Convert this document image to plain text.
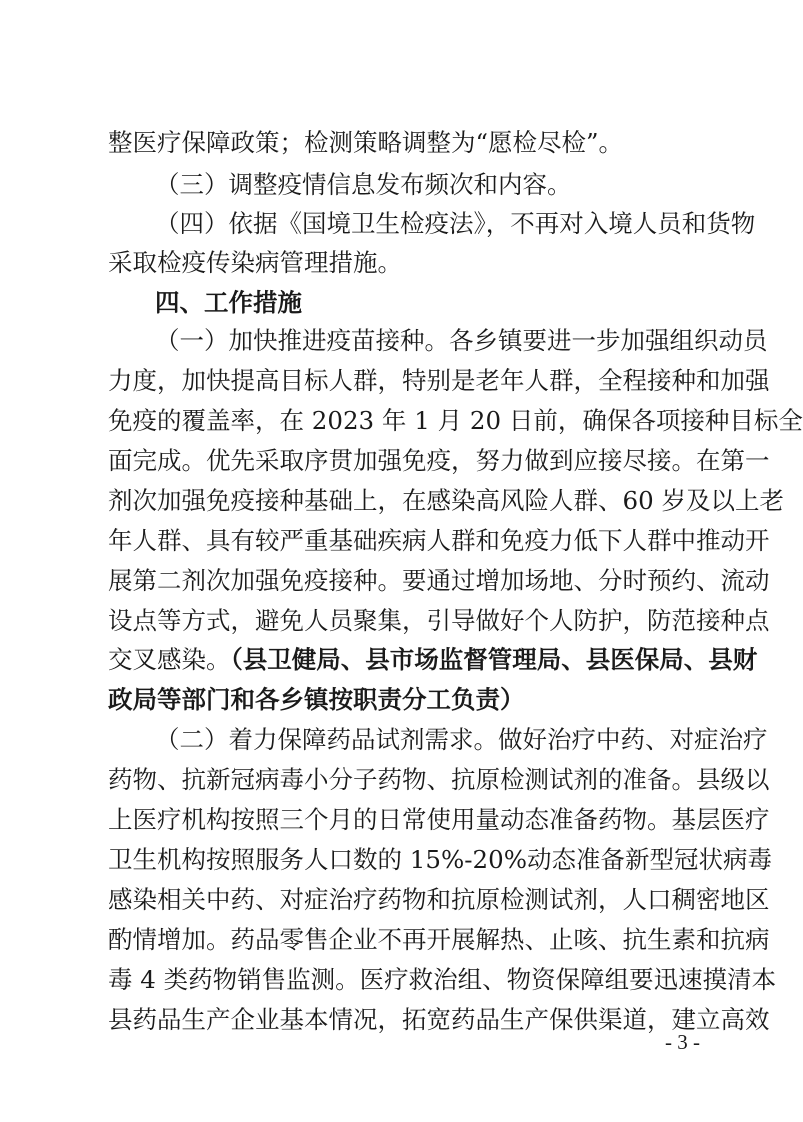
整医疗保障政策；检测策略调整为“愿检尽检”。
（三）调整疫情信息发布频次和内容。
（四）依据《国境卫生检疫法》，不再对入境人员和货物
采取检疫传染病管理措施。
四、工作措施
（一）加快推进疫苗接种。各乡镇要进一步加强组织动员
力度，加快提高目标人群，特别是老年人群，全程接种和加强
免疫的覆盖率，在 2023 年 1 月 20 日前，确保各项接种目标全
面完成。优先采取序贯加强免疫，努力做到应接尽接。在第一
剂次加强免疫接种基础上，在感染高风险人群、60 岁及以上老
年人群、具有较严重基础疾病人群和免疫力低下人群中推动开
展第二剂次加强免疫接种。要通过增加场地、分时预约、流动
设点等方式，避免人员聚集，引导做好个人防护，防范接种点
交叉感染。（县卫健局、县市场监督管理局、县医保局、县财
政局等部门和各乡镇按职责分工负责）
（二）着力保障药品试剂需求。做好治疗中药、对症治疗
药物、抗新冠病毒小分子药物、抗原检测试剂的准备。县级以
上医疗机构按照三个月的日常使用量动态准备药物。基层医疗
卫生机构按照服务人口数的 15%-20%动态准备新型冠状病毒
感染相关中药、对症治疗药物和抗原检测试剂，人口稠密地区
酌情增加。药品零售企业不再开展解热、止咳、抗生素和抗病
毒 4 类药物销售监测。医疗救治组、物资保障组要迅速摸清本
县药品生产企业基本情况，拓宽药品生产保供渠道，建立高效
- 3 -
